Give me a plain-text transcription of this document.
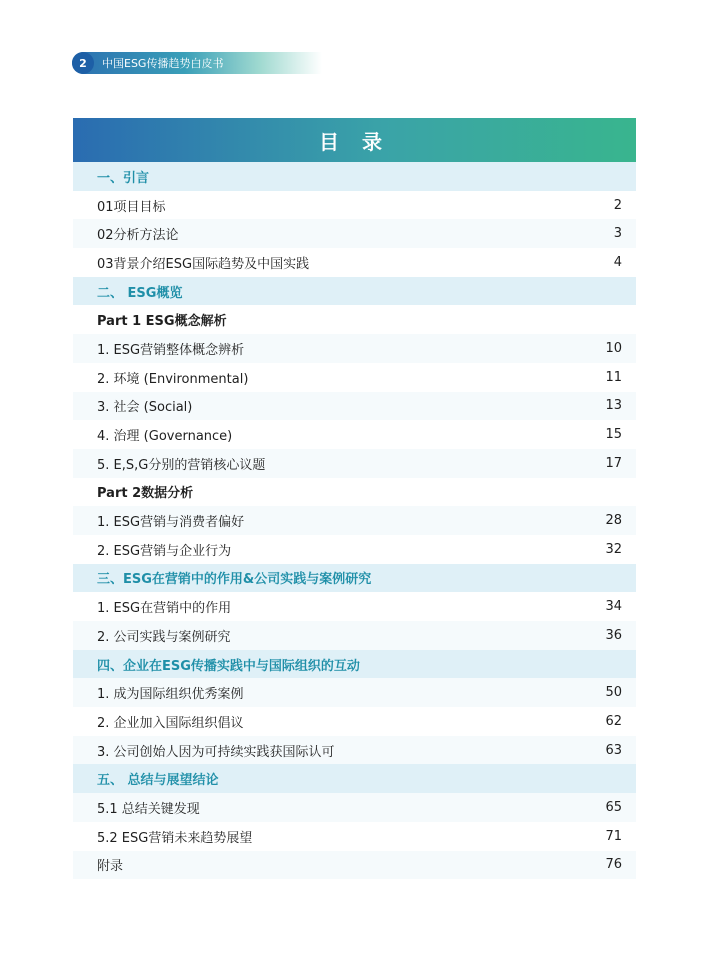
2	中国ESG传播趋势白皮书
目 录
一、引言
01项目目标	2
02分析方法论	3
03背景介绍ESG国际趋势及中国实践	4
二、 ESG概览
Part 1 ESG概念解析
1. ESG营销整体概念辨析	10
2. 环境 (Environmental)	11
3. 社会 (Social)	13
4. 治理 (Governance)	15
5. E,S,G分别的营销核心议题	17
Part 2数据分析
1. ESG营销与消费者偏好	28
2. ESG营销与企业行为	32
三、ESG在营销中的作用&公司实践与案例研究
1. ESG在营销中的作用	34
2. 公司实践与案例研究	36
四、企业在ESG传播实践中与国际组织的互动
1. 成为国际组织优秀案例	50
2. 企业加入国际组织倡议	62
3. 公司创始人因为可持续实践获国际认可	63
五、 总结与展望结论
5.1 总结关键发现	65
5.2 ESG营销未来趋势展望	71
附录	76
